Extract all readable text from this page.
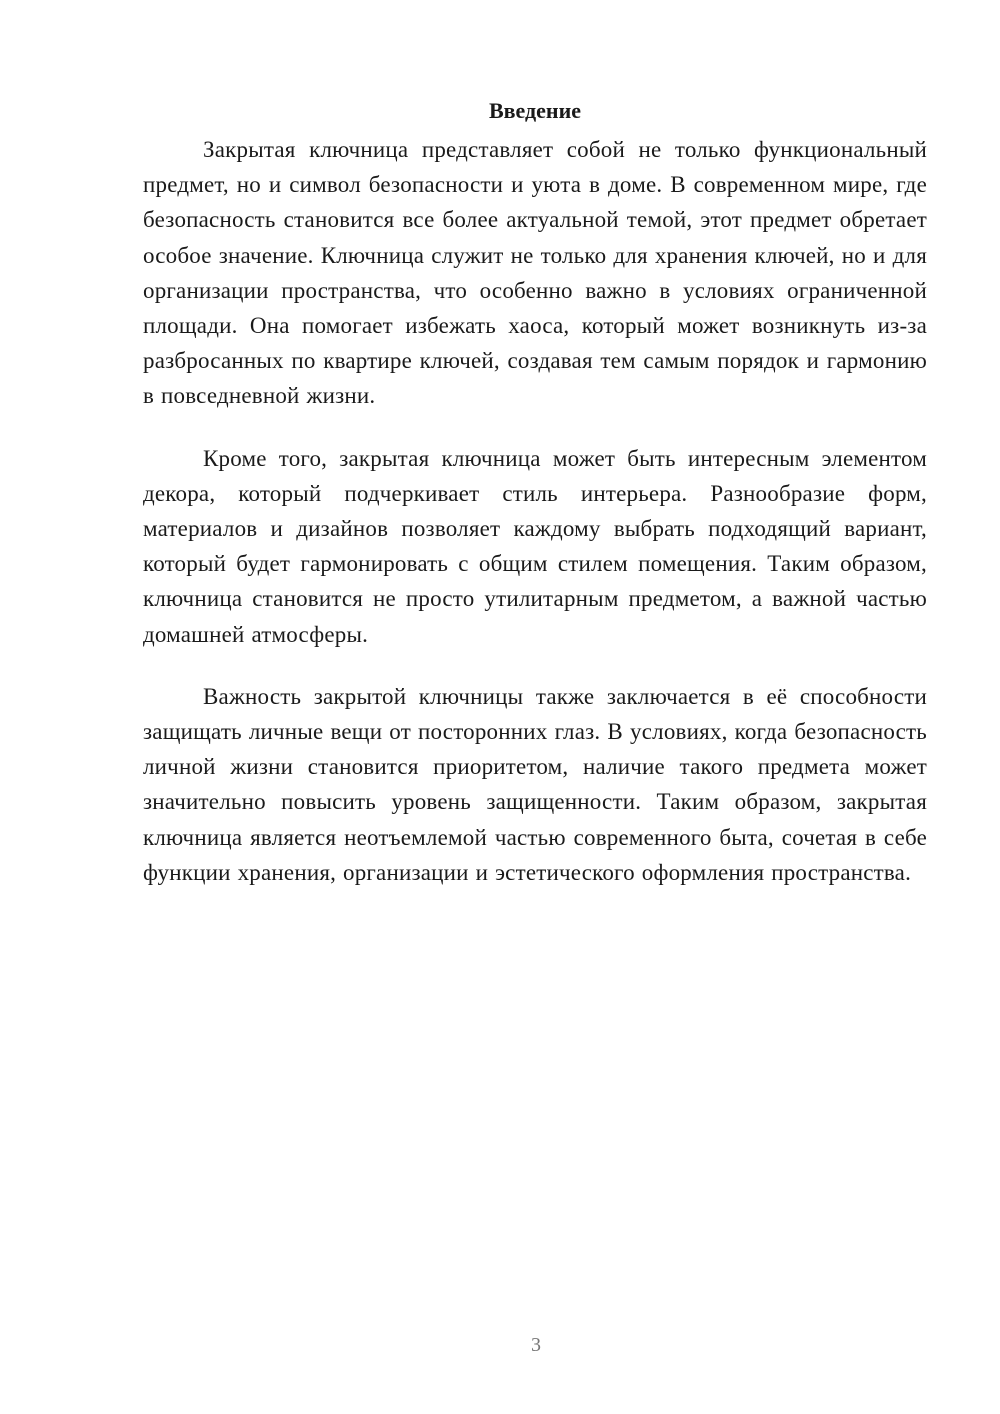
Введение

Закрытая ключница представляет собой не только функциональный предмет, но и символ безопасности и уюта в доме. В современном мире, где безопасность становится все более актуальной темой, этот предмет обретает особое значение. Ключница служит не только для хранения ключей, но и для организации пространства, что особенно важно в условиях ограниченной площади. Она помогает избежать хаоса, который может возникнуть из-за разбросанных по квартире ключей, создавая тем самым порядок и гармонию в повседневной жизни.

Кроме того, закрытая ключница может быть интересным элементом декора, который подчеркивает стиль интерьера. Разнообразие форм, материалов и дизайнов позволяет каждому выбрать подходящий вариант, который будет гармонировать с общим стилем помещения. Таким образом, ключница становится не просто утилитарным предметом, а важной частью домашней атмосферы.

Важность закрытой ключницы также заключается в её способности защищать личные вещи от посторонних глаз. В условиях, когда безопасность личной жизни становится приоритетом, наличие такого предмета может значительно повысить уровень защищенности. Таким образом, закрытая ключница является неотъемлемой частью современного быта, сочетая в себе функции хранения, организации и эстетического оформления пространства.

3
